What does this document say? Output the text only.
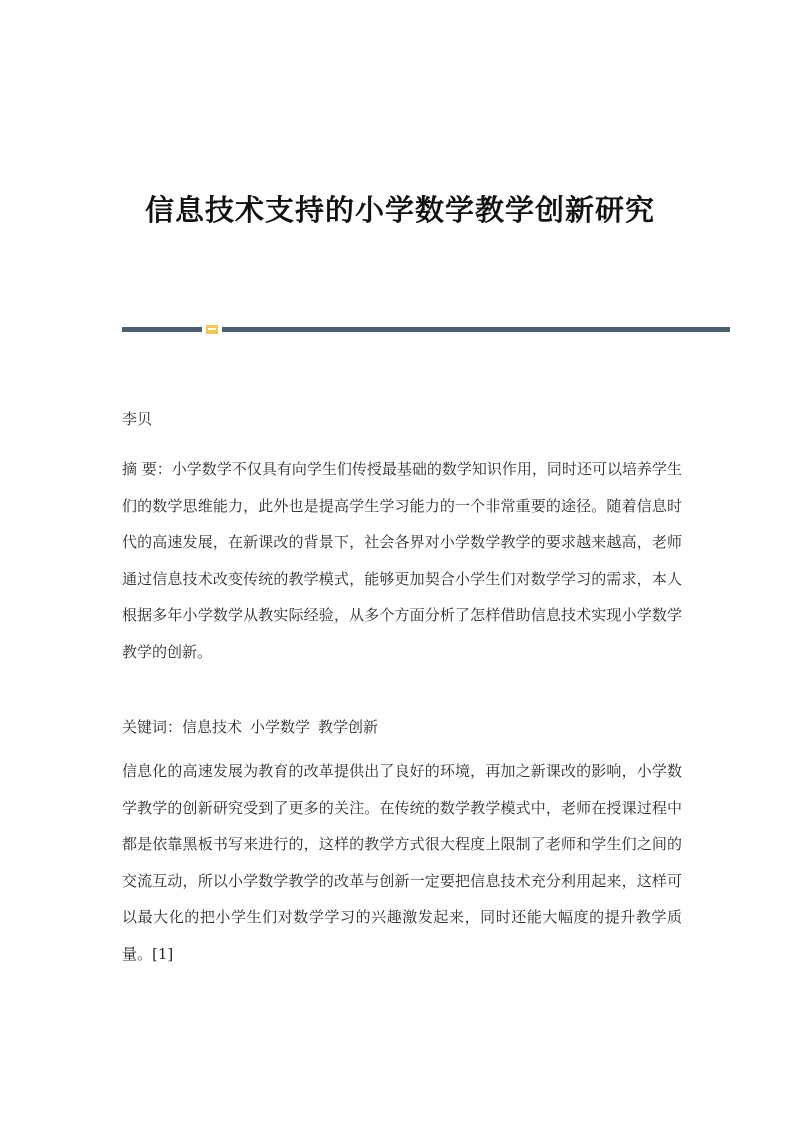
信息技术支持的小学数学教学创新研究
李贝
摘 要：小学数学不仅具有向学生们传授最基础的数学知识作用，同时还可以培养学生们的数学思维能力，此外也是提高学生学习能力的一个非常重要的途径。随着信息时代的高速发展，在新课改的背景下，社会各界对小学数学教学的要求越来越高，老师通过信息技术改变传统的教学模式，能够更加契合小学生们对数学学习的需求，本人根据多年小学数学从教实际经验，从多个方面分析了怎样借助信息技术实现小学数学教学的创新。
关键词：信息技术 小学数学 教学创新
信息化的高速发展为教育的改革提供出了良好的环境，再加之新课改的影响，小学数学教学的创新研究受到了更多的关注。在传统的数学教学模式中，老师在授课过程中都是依靠黑板书写来进行的，这样的教学方式很大程度上限制了老师和学生们之间的交流互动，所以小学数学教学的改革与创新一定要把信息技术充分利用起来，这样可以最大化的把小学生们对数学学习的兴趣激发起来，同时还能大幅度的提升教学质量。[1]
